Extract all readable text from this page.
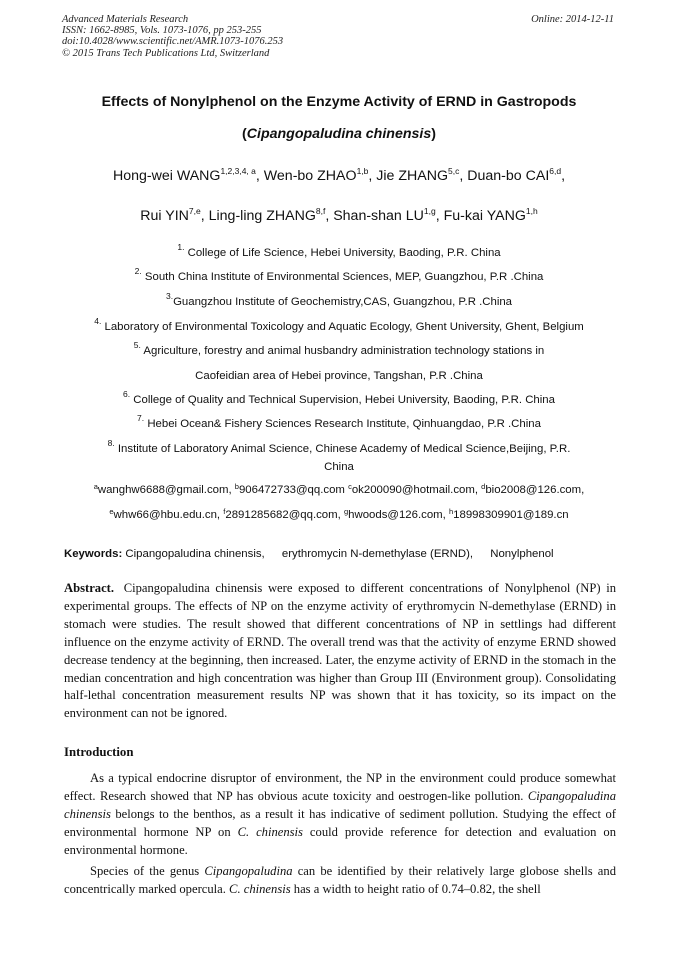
Advanced Materials Research
ISSN: 1662-8985, Vols. 1073-1076, pp 253-255
doi:10.4028/www.scientific.net/AMR.1073-1076.253
© 2015 Trans Tech Publications Ltd, Switzerland
Online: 2014-12-11
Effects of Nonylphenol on the Enzyme Activity of ERND in Gastropods
(Cipangopaludina chinensis)
Hong-wei WANG$^{1,2,3,4, a}$, Wen-bo ZHAO$^{1,b}$, Jie ZHANG$^{5,c}$, Duan-bo CAI$^{6,d}$,
Rui YIN$^{7,e}$, Ling-ling ZHANG$^{8,f}$, Shan-shan LU$^{1,g}$, Fu-kai YANG$^{1,h}$
$^{1.}$ College of Life Science, Hebei University, Baoding, P.R. China
$^{2.}$ South China Institute of Environmental Sciences, MEP, Guangzhou, P.R .China
$^{3.}$Guangzhou Institute of Geochemistry,CAS, Guangzhou, P.R .China
$^{4.}$ Laboratory of Environmental Toxicology and Aquatic Ecology, Ghent University, Ghent, Belgium
$^{5.}$ Agriculture, forestry and animal husbandry administration technology stations in
Caofeidian area of Hebei province, Tangshan, P.R .China
$^{6.}$ College of Quality and Technical Supervision, Hebei University, Baoding, P.R. China
$^{7.}$ Hebei Ocean& Fishery Sciences Research Institute, Qinhuangdao, P.R .China
$^{8.}$ Institute of Laboratory Animal Science, Chinese Academy of Medical Science,Beijing, P.R.
China
$^a$wanghw6688@gmail.com, $^b$906472733@qq.com $^c$ok200090@hotmail.com, $^d$bio2008@126.com,
$^e$whw66@hbu.edu.cn, $^f$2891285682@qq.com, $^g$hwoods@126.com, $^h$18998309901@189.cn
Keywords: Cipangopaludina chinensis, erythromycin N-demethylase (ERND), Nonylphenol
Abstract. Cipangopaludina chinensis were exposed to different concentrations of Nonylphenol (NP) in experimental groups. The effects of NP on the enzyme activity of erythromycin N-demethylase (ERND) in stomach were studies. The result showed that different concentrations of NP in settlings had different influence on the enzyme activity of ERND. The overall trend was that the activity of enzyme ERND showed decrease tendency at the beginning, then increased. Later, the enzyme activity of ERND in the stomach in the median concentration and high concentration was higher than Group III (Environment group). Consolidating half-lethal concentration measurement results NP was shown that it has toxicity, so its impact on the environment can not be ignored.
Introduction
As a typical endocrine disruptor of environment, the NP in the environment could produce somewhat effect. Research showed that NP has obvious acute toxicity and oestrogen-like pollution. Cipangopaludina chinensis belongs to the benthos, as a result it has indicative of sediment pollution. Studying the effect of environmental hormone NP on C. chinensis could provide reference for detection and evaluation on environmental hormone.
Species of the genus Cipangopaludina can be identified by their relatively large globose shells and concentrically marked opercula. C. chinensis has a width to height ratio of 0.74–0.82, the shell
